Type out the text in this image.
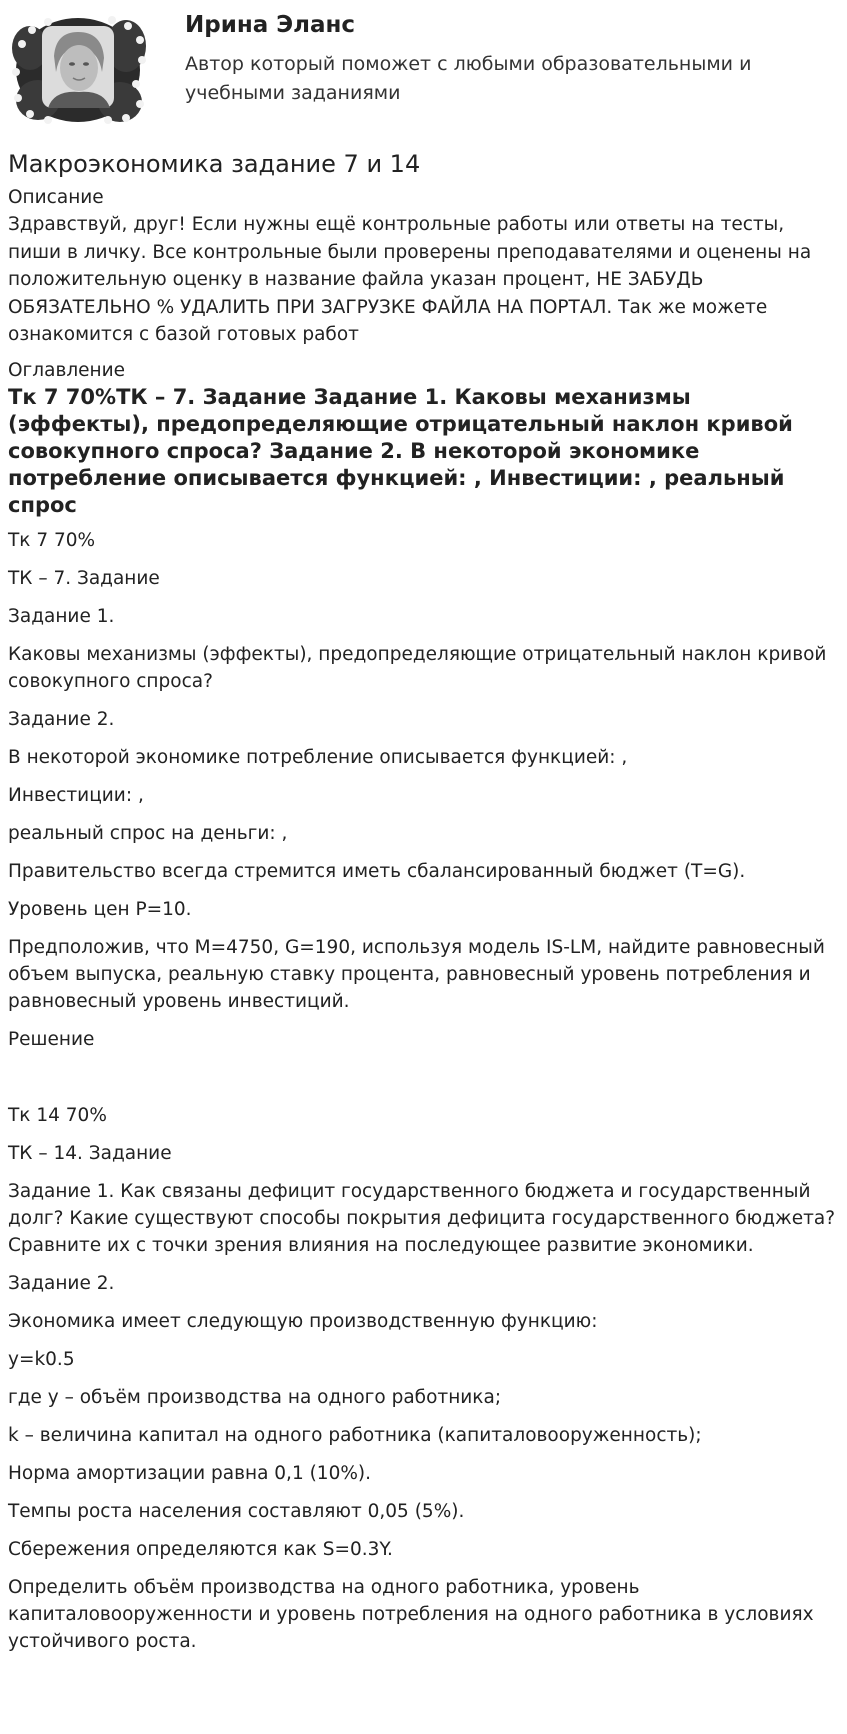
Ирина Эланс
Автор который поможет с любыми образовательными и учебными заданиями
Макроэкономика задание 7 и 14

Описание

Здравствуй, друг! Если нужны ещё контрольные работы или ответы на тесты, пиши в личку. Все контрольные были проверены преподавателями и оценены на положительную оценку в название файла указан процент, НЕ ЗАБУДЬ ОБЯЗАТЕЛЬНО % УДАЛИТЬ ПРИ ЗАГРУЗКЕ ФАЙЛА НА ПОРТАЛ. Так же можете ознакомится с базой готовых работ

Оглавление

Тк 7 70%ТК – 7. Задание Задание 1. Каковы механизмы (эффекты), предопределяющие отрицательный наклон кривой совокупного спроса? Задание 2. В некоторой экономике потребление описывается функцией: , Инвестиции: , реальный спрос

Тк 7 70%

ТК – 7. Задание

Задание 1.

Каковы механизмы (эффекты), предопределяющие отрицательный наклон кривой совокупного спроса?

Задание 2.

В некоторой экономике потребление описывается функцией: ,

Инвестиции: ,

реальный спрос на деньги: ,

Правительство всегда стремится иметь сбалансированный бюджет (T=G).

Уровень цен P=10.

Предположив, что M=4750, G=190, используя модель IS-LM, найдите равновесный объем выпуска, реальную ставку процента, равновесный уровень потребления и равновесный уровень инвестиций.

Решение

Тк 14 70%

ТК – 14. Задание

Задание 1. Как связаны дефицит государственного бюджета и государственный долг? Какие существуют способы покрытия дефицита государственного бюджета? Сравните их с точки зрения влияния на последующее развитие экономики.

Задание 2.

Экономика имеет следующую производственную функцию:

y=k0.5

где y – объём производства на одного работника;

k – величина капитал на одного работника (капиталовооруженность);

Норма амортизации равна 0,1 (10%).

Темпы роста населения составляют 0,05 (5%).

Сбережения определяются как S=0.3Y.

Определить объём производства на одного работника, уровень капиталовооруженности и уровень потребления на одного работника в условиях устойчивого роста.
